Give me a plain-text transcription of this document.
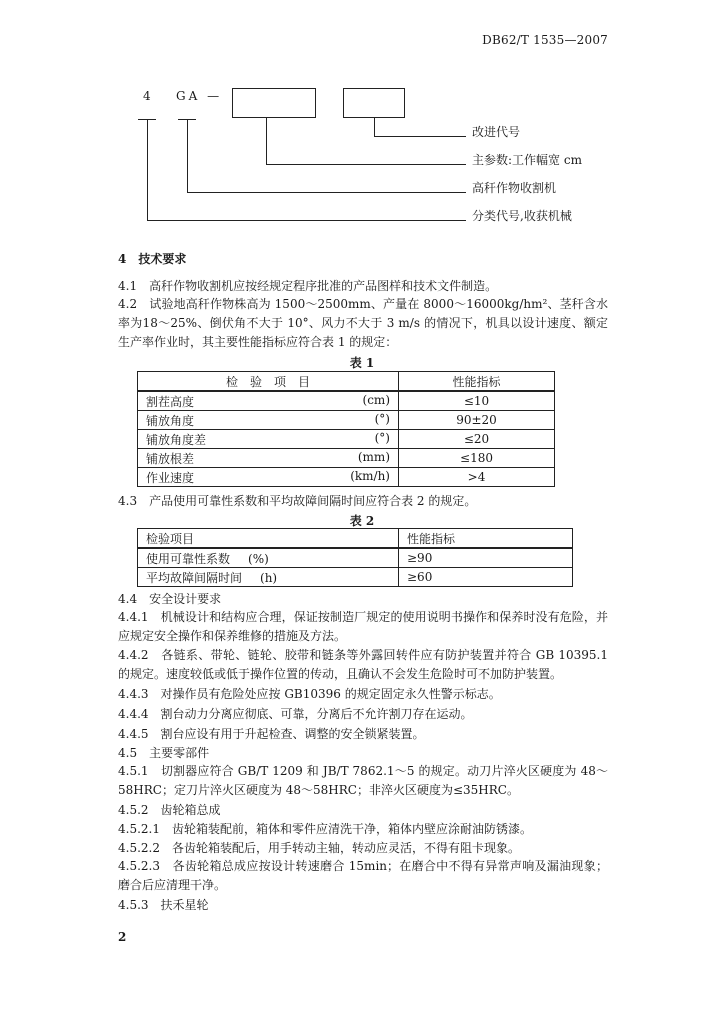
DB62/T 1535—2007
4 GA —
改进代号
主参数:工作幅宽 cm
高秆作物收割机
分类代号,收获机械
4　技术要求
4.1　高秆作物收割机应按经规定程序批准的产品图样和技术文件制造。
4.2　试验地高秆作物株高为 1500～2500mm、产量在 8000～16000kg/hm²、茎秆含水率为18～25%、倒伏角不大于 10°、风力不大于 3 m/s 的情况下，机具以设计速度、额定生产率作业时，其主要性能指标应符合表 1 的规定：
表 1
检　验　项　目	性能指标
割茬高度 (cm)	≤10
铺放角度 (°)	90±20
铺放角度差 (°)	≤20
铺放根差 (mm)	≤180
作业速度 (km/h)	>4
4.3　产品使用可靠性系数和平均故障间隔时间应符合表 2 的规定。
表 2
检验项目	性能指标
使用可靠性系数 (%)	≥90
平均故障间隔时间 (h)	≥60
4.4　安全设计要求
4.4.1　机械设计和结构应合理，保证按制造厂规定的使用说明书操作和保养时没有危险，并应规定安全操作和保养维修的措施及方法。
4.4.2　各链系、带轮、链轮、胶带和链条等外露回转件应有防护装置并符合 GB 10395.1 的规定。速度较低或低于操作位置的传动，且确认不会发生危险时可不加防护装置。
4.4.3　对操作员有危险处应按 GB10396 的规定固定永久性警示标志。
4.4.4　割台动力分离应彻底、可靠，分离后不允许割刀存在运动。
4.4.5　割台应设有用于升起检查、调整的安全锁紧装置。
4.5　主要零部件
4.5.1　切割器应符合 GB/T 1209 和 JB/T 7862.1～5 的规定。动刀片淬火区硬度为 48～58HRC；定刀片淬火区硬度为 48～58HRC；非淬火区硬度为≤35HRC。
4.5.2　齿轮箱总成
4.5.2.1　齿轮箱装配前，箱体和零件应清洗干净，箱体内壁应涂耐油防锈漆。
4.5.2.2　各齿轮箱装配后，用手转动主轴，转动应灵活，不得有阻卡现象。
4.5.2.3　各齿轮箱总成应按设计转速磨合 15min；在磨合中不得有异常声响及漏油现象；磨合后应清理干净。
4.5.3　扶禾星轮
2
